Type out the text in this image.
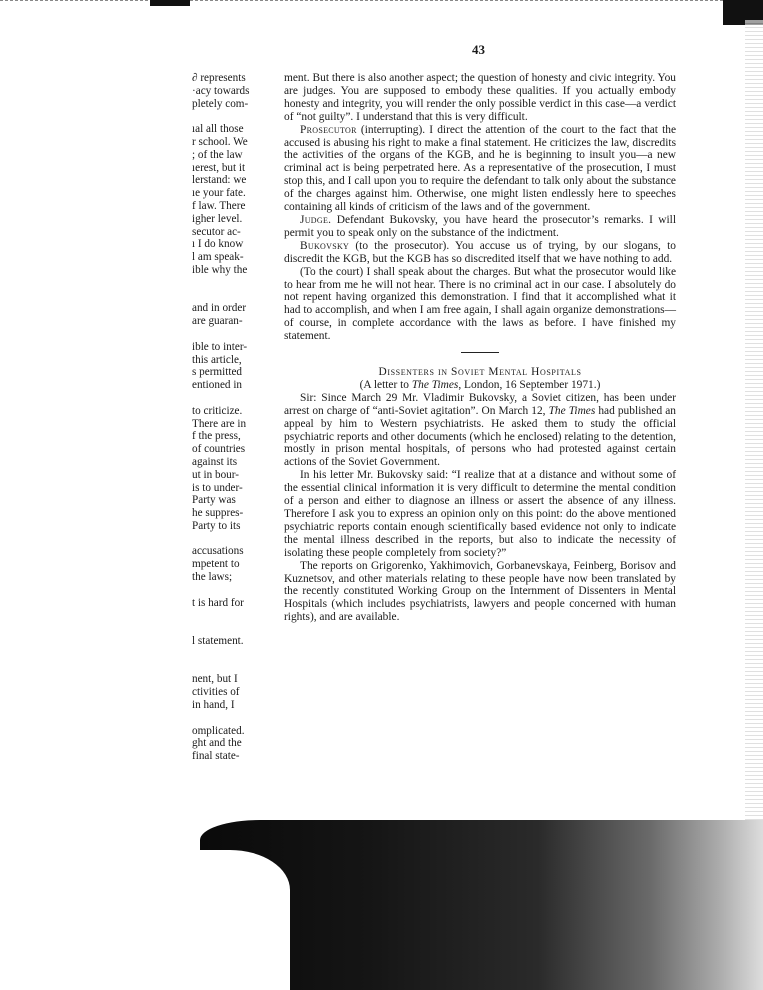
43
∂ represents
·acy towards
pletely com-

ıal all those
r school. We
; of the law
ıerest, but it
lerstand: we
ıe your fate.
f law. There
igher level.
secutor ac-
ı I do know
l am speak-
ible why the

and in order
are guaran-

ible to inter-
this article,
s permitted
entioned in

to criticize.
There are in
f the press,
of countries
against its
ut in bour-
is to under-
Party was
he suppres-
Party to its

accusations
mpetent to
the laws;

t is hard for

l statement.

nent, but I
ctivities of
in hand, I

omplicated.
ght and the
final state-

ment. But there is also another aspect; the question of honesty and civic integrity. You are judges. You are supposed to embody these qualities. If you actually embody honesty and integrity, you will render the only possible verdict in this case—a verdict of “not guilty”. I understand that this is very difficult.

Prosecutor (interrupting). I direct the attention of the court to the fact that the accused is abusing his right to make a final statement. He criticizes the law, discredits the activities of the organs of the KGB, and he is beginning to insult you—a new criminal act is being perpetrated here. As a representative of the prosecution, I must stop this, and I call upon you to require the defendant to talk only about the substance of the charges against him. Otherwise, one might listen endlessly here to speeches containing all kinds of criticism of the laws and of the government.

Judge. Defendant Bukovsky, you have heard the prosecutor’s remarks. I will permit you to speak only on the substance of the indictment.

Bukovsky (to the prosecutor). You accuse us of trying, by our slogans, to discredit the KGB, but the KGB has so discredited itself that we have nothing to add.

(To the court) I shall speak about the charges. But what the prosecutor would like to hear from me he will not hear. There is no criminal act in our case. I absolutely do not repent having organized this demonstration. I find that it accomplished what it had to accomplish, and when I am free again, I shall again organize demonstrations—of course, in complete accordance with the laws as before. I have finished my statement.

Dissenters in Soviet Mental Hospitals

(A letter to The Times, London, 16 September 1971.)

Sir: Since March 29 Mr. Vladimir Bukovsky, a Soviet citizen, has been under arrest on charge of “anti-Soviet agitation”. On March 12, The Times had published an appeal by him to Western psychiatrists. He asked them to study the official psychiatric reports and other documents (which he enclosed) relating to the detention, mostly in prison mental hospitals, of persons who had protested against certain actions of the Soviet Government.

In his letter Mr. Bukovsky said: “I realize that at a distance and without some of the essential clinical information it is very difficult to determine the mental condition of a person and either to diagnose an illness or assert the absence of any illness. Therefore I ask you to express an opinion only on this point: do the above mentioned psychiatric reports contain enough scientifically based evidence not only to indicate the mental illness described in the reports, but also to indicate the necessity of isolating these people completely from society?”

The reports on Grigorenko, Yakhimovich, Gorbanevskaya, Feinberg, Borisov and Kuznetsov, and other materials relating to these people have now been translated by the recently constituted Working Group on the Internment of Dissenters in Mental Hospitals (which includes psychiatrists, lawyers and people concerned with human rights), and are available.
